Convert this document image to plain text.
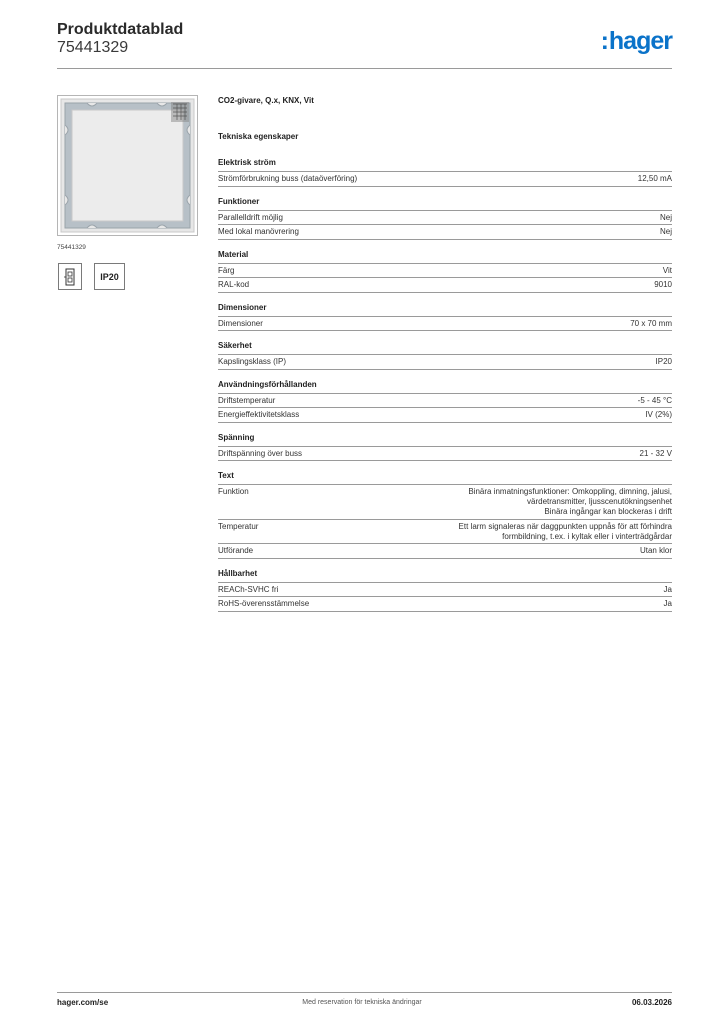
Produktdatablad
75441329	:hager
75441329
IP20
CO2-givare, Q.x, KNX, Vit
Tekniska egenskaper
Elektrisk ström
Strömförbrukning buss (dataöverföring)	12,50 mA
Funktioner
Parallelldrift möjlig	Nej
Med lokal manövrering	Nej
Material
Färg	Vit
RAL-kod	9010
Dimensioner
Dimensioner	70 x 70 mm
Säkerhet
Kapslingsklass (IP)	IP20
Användningsförhållanden
Driftstemperatur	-5 - 45 °C
Energieffektivitetsklass	IV (2%)
Spänning
Driftspänning över buss	21 - 32 V
Text
Funktion	Binära inmatningsfunktioner: Omkoppling, dimning, jalusi,
värdetransmitter, ljusscenutökningsenhet
Binära ingångar kan blockeras i drift
Temperatur	Ett larm signaleras när daggpunkten uppnås för att förhindra
formbildning, t.ex. i kyltak eller i vinterträdgårdar
Utförande	Utan klor
Hållbarhet
REACh-SVHC fri	Ja
RoHS-överensstämmelse	Ja
hager.com/se	Med reservation för tekniska ändringar	06.03.2026
